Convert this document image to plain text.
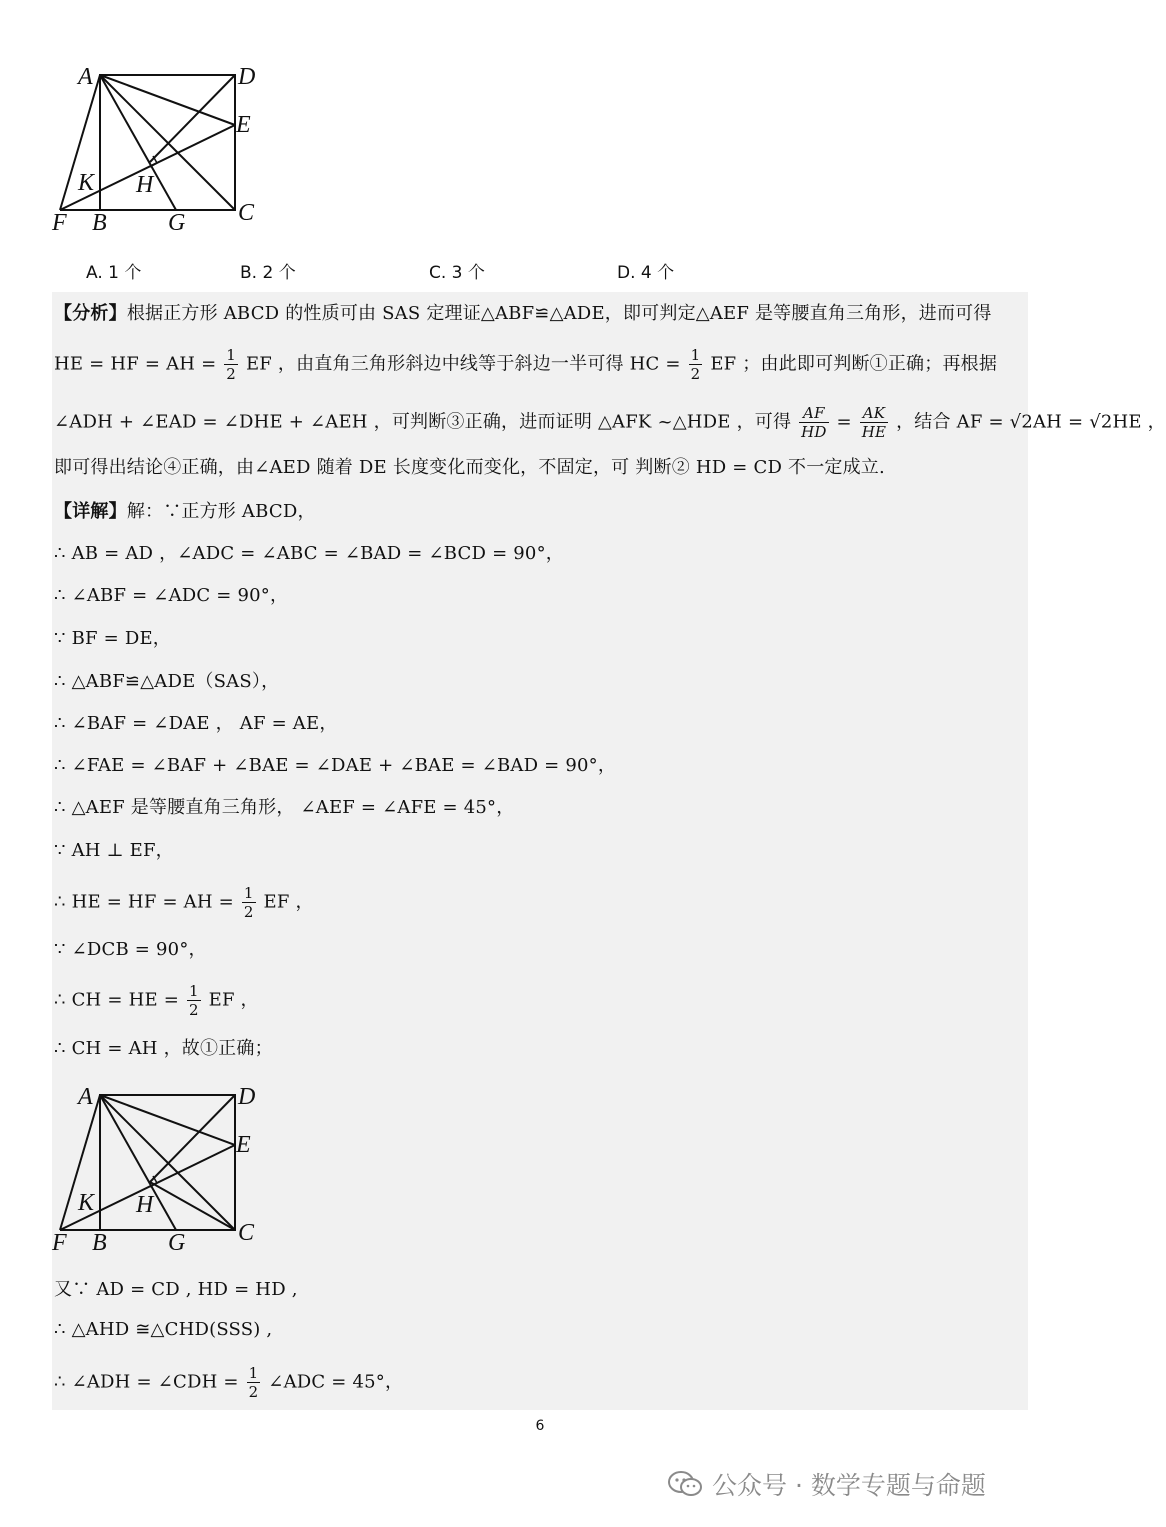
A	D
E
K H
F B	G C
A. 1 个	B. 2 个	C. 3 个	D. 4 个
【分析】根据正方形 ABCD 的性质可由 SAS 定理证△ABF≌△ADE，即可判定△AEF 是等腰直角三角形，进而可得
HE = HF = AH = $\frac{1}{2}$ EF ，由直角三角形斜边中线等于斜边一半可得 HC = $\frac{1}{2}$ EF ；由此即可判断①正确；再根据
∠ADH + ∠EAD = ∠DHE + ∠AEH ，可判断③正确，进而证明 △AFK ~△HDE ，可得 $\frac{AF}{HD} = \frac{AK}{HE}$ ，结合 AF = √2AH = √2HE ，
即可得出结论④正确，由∠AED 随着 DE 长度变化而变化，不固定，可 判断② HD = CD 不一定成立.
【详解】解：∵正方形 ABCD，
∴ AB = AD ，∠ADC = ∠ABC = ∠BAD = ∠BCD = 90°，
∴ ∠ABF = ∠ADC = 90°，
∵ BF = DE，
∴ △ABF≌△ADE（SAS），
∴ ∠BAF = ∠DAE ， AF = AE，
∴ ∠FAE = ∠BAF + ∠BAE = ∠DAE + ∠BAE = ∠BAD = 90°，
∴ △AEF 是等腰直角三角形， ∠AEF = ∠AFE = 45°，
∵ AH ⊥ EF，
∴ HE = HF = AH = $\frac{1}{2}$ EF ，
∵ ∠DCB = 90°，
∴ CH = HE = $\frac{1}{2}$ EF ，
∴ CH = AH ，故①正确；
A	D
E
K H
F B	G C
又∵ AD = CD , HD = HD ,
∴ △AHD ≅△CHD(SSS) ,
∴ ∠ADH = ∠CDH = $\frac{1}{2}$ ∠ADC = 45°，
6
公众号 · 数学专题与命题
